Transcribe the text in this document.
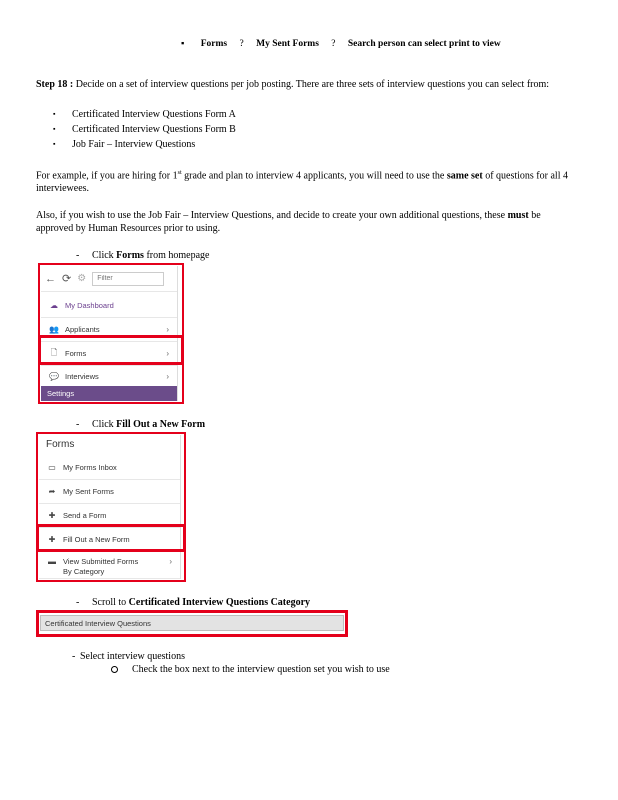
▪ Forms ? My Sent Forms ? Search person can select print to view
Step 18 : Decide on a set of interview questions per job posting. There are three sets of interview questions you can select from:
▪ Certificated Interview Questions Form A
▪ Certificated Interview Questions Form B
▪ Job Fair – Interview Questions
For example, if you are hiring for 1st grade and plan to interview 4 applicants, you will need to use the same set of questions for all 4 interviewees.
Also, if you wish to use the Job Fair – Interview Questions, and decide to create your own additional questions, these must be approved by Human Resources prior to using.
- Click Forms from homepage
← ⟳ ⚙
Filter
☁ My Dashboard
👥 Applicants	›
🗋	Forms	›
💬 Interviews	›
Settings
- Click Fill Out a New Form
Forms
▭ My Forms Inbox
➦	My Sent Forms
✚	Send a Form
✚	Fill Out a New Form
▬ View Submitted Forms By Category
›
- Scroll to Certificated Interview Questions Category
Certificated Interview Questions
- Select interview questions
Check the box next to the interview question set you wish to use
